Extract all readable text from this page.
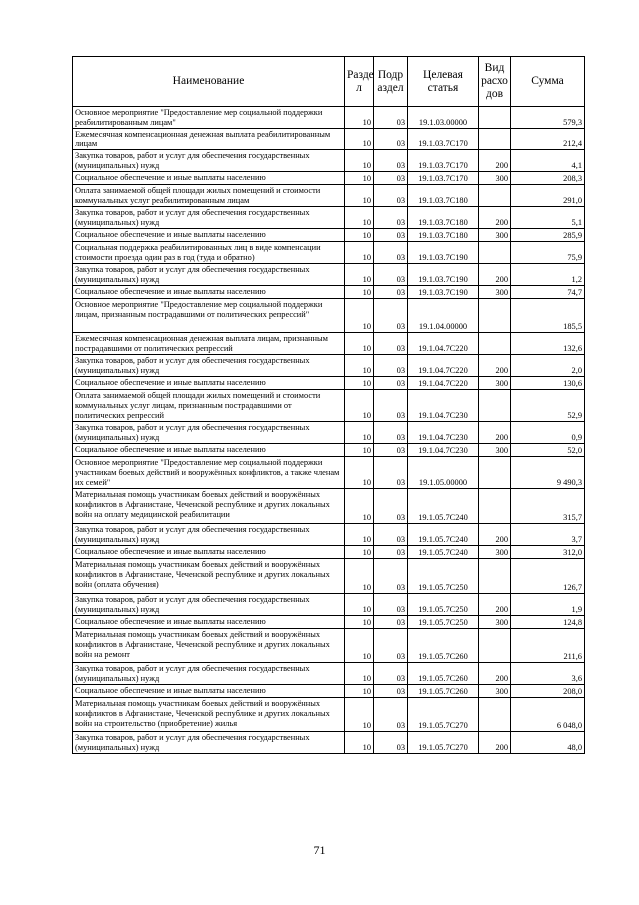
Наименование	Разде л	Подр аздел	Целевая статья	Вид расхо дов	Сумма
Основное мероприятие "Предоставление мер социальной поддержки реабилитированным лицам"	10	03	19.1.03.00000		579,3
Ежемесячная компенсационная денежная выплата реабилитированным лицам	10	03	19.1.03.7С170		212,4
Закупка товаров, работ и услуг для обеспечения государственных (муниципальных) нужд	10	03	19.1.03.7С170	200	4,1
Социальное обеспечение и иные выплаты населению	10	03	19.1.03.7С170	300	208,3
Оплата занимаемой общей площади жилых помещений и стоимости коммунальных услуг реабилитированным лицам	10	03	19.1.03.7С180		291,0
Закупка товаров, работ и услуг для обеспечения государственных (муниципальных) нужд	10	03	19.1.03.7С180	200	5,1
Социальное обеспечение и иные выплаты населению	10	03	19.1.03.7С180	300	285,9
Социальная поддержка реабилитированных лиц в виде компенсации стоимости проезда один раз в год (туда и обратно)	10	03	19.1.03.7С190		75,9
Закупка товаров, работ и услуг для обеспечения государственных (муниципальных) нужд	10	03	19.1.03.7С190	200	1,2
Социальное обеспечение и иные выплаты населению	10	03	19.1.03.7С190	300	74,7
Основное мероприятие "Предоставление мер социальной поддержки лицам, признанным пострадавшими от политических репрессий"	10	03	19.1.04.00000		185,5
Ежемесячная компенсационная денежная выплата лицам, признанным пострадавшими от политических репрессий	10	03	19.1.04.7С220		132,6
Закупка товаров, работ и услуг для обеспечения государственных (муниципальных) нужд	10	03	19.1.04.7С220	200	2,0
Социальное обеспечение и иные выплаты населению	10	03	19.1.04.7С220	300	130,6
Оплата занимаемой общей площади жилых помещений и стоимости коммунальных услуг лицам, признанным пострадавшими от политических репрессий	10	03	19.1.04.7С230		52,9
Закупка товаров, работ и услуг для обеспечения государственных (муниципальных) нужд	10	03	19.1.04.7С230	200	0,9
Социальное обеспечение и иные выплаты населению	10	03	19.1.04.7С230	300	52,0
Основное мероприятие "Предоставление мер социальной поддержки участникам боевых действий и вооружённых конфликтов, а также членам их семей"	10	03	19.1.05.00000		9 490,3
Материальная помощь участникам боевых действий и вооружённых конфликтов в Афганистане, Чеченской республике и других локальных войн на оплату медицинской реабилитации	10	03	19.1.05.7С240		315,7
Закупка товаров, работ и услуг для обеспечения государственных (муниципальных) нужд	10	03	19.1.05.7С240	200	3,7
Социальное обеспечение и иные выплаты населению	10	03	19.1.05.7С240	300	312,0
Материальная помощь участникам боевых действий и вооружённых конфликтов в Афганистане, Чеченской республике и других локальных войн (оплата обучения)	10	03	19.1.05.7С250		126,7
Закупка товаров, работ и услуг для обеспечения государственных (муниципальных) нужд	10	03	19.1.05.7С250	200	1,9
Социальное обеспечение и иные выплаты населению	10	03	19.1.05.7С250	300	124,8
Материальная помощь участникам боевых действий и вооружённых конфликтов в Афганистане, Чеченской республике и других локальных войн на ремонт	10	03	19.1.05.7С260		211,6
Закупка товаров, работ и услуг для обеспечения государственных (муниципальных) нужд	10	03	19.1.05.7С260	200	3,6
Социальное обеспечение и иные выплаты населению	10	03	19.1.05.7С260	300	208,0
Материальная помощь участникам боевых действий и вооружённых конфликтов в Афганистане, Чеченской республике и других локальных войн на строительство (приобретение) жилья	10	03	19.1.05.7С270		6 048,0
Закупка товаров, работ и услуг для обеспечения государственных (муниципальных) нужд	10	03	19.1.05.7С270	200	48,0
71
